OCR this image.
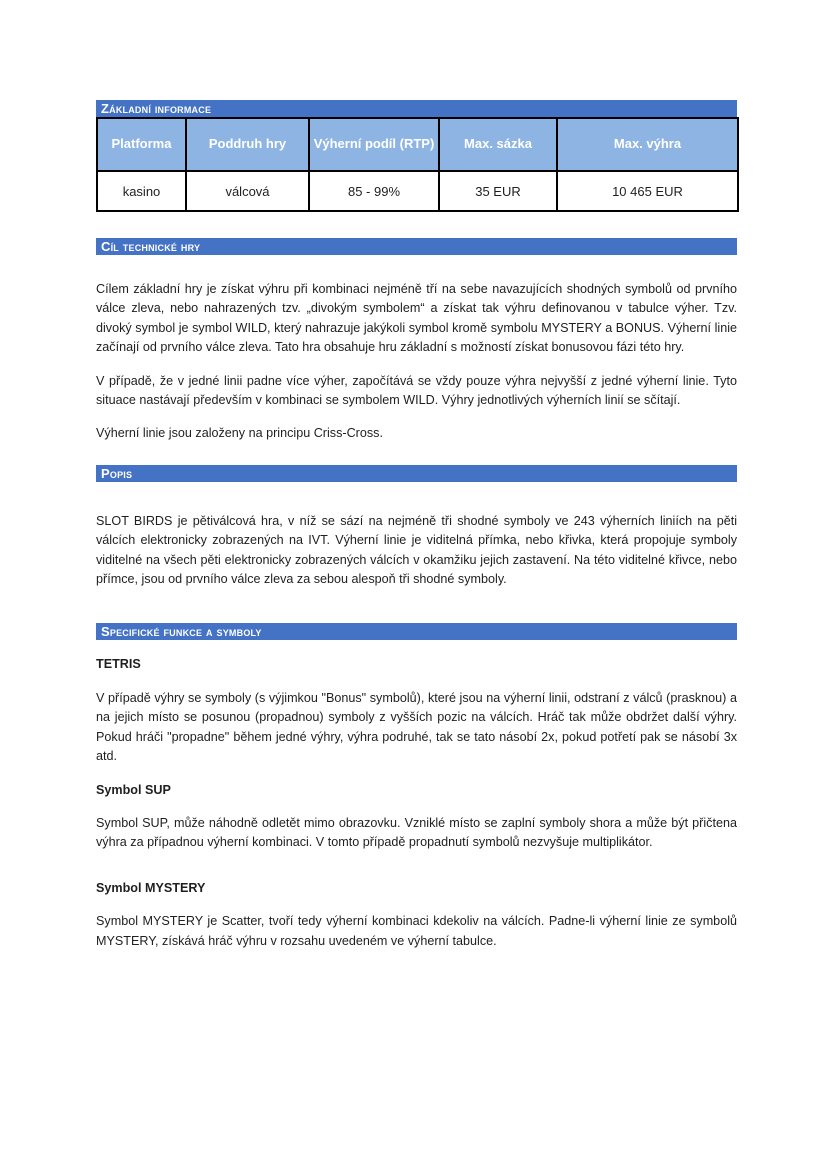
Základní informace
Platforma	Poddruh hry	Výherní podíl (RTP)	Max. sázka	Max. výhra
kasino	válcová	85 - 99%	35 EUR	10 465 EUR
Cíl technické hry

Cílem základní hry je získat výhru při kombinaci nejméně tří na sebe navazujících shodných symbolů od prvního válce zleva, nebo nahrazených tzv. „divokým symbolem“ a získat tak výhru definovanou v tabulce výher. Tzv. divoký symbol je symbol WILD, který nahrazuje jakýkoli symbol kromě symbolu MYSTERY a BONUS. Výherní linie začínají od prvního válce zleva. Tato hra obsahuje hru základní s možností získat bonusovou fázi této hry.

V případě, že v jedné linii padne více výher, započítává se vždy pouze výhra nejvyšší z jedné výherní linie. Tyto situace nastávají především v kombinaci se symbolem WILD. Výhry jednotlivých výherních linií se sčítají.

Výherní linie jsou založeny na principu Criss-Cross.

Popis

SLOT BIRDS je pětiválcová hra, v níž se sází na nejméně tři shodné symboly ve 243 výherních liniích na pěti válcích elektronicky zobrazených na IVT. Výherní linie je viditelná přímka, nebo křivka, která propojuje symboly viditelné na všech pěti elektronicky zobrazených válcích v okamžiku jejich zastavení. Na této viditelné křivce, nebo přímce, jsou od prvního válce zleva za sebou alespoň tři shodné symboly.

Specifické funkce a symboly

TETRIS

V případě výhry se symboly (s výjimkou "Bonus" symbolů), které jsou na výherní linii, odstraní z válců (prasknou) a na jejich místo se posunou (propadnou) symboly z vyšších pozic na válcích. Hráč tak může obdržet další výhry. Pokud hráči "propadne" během jedné výhry, výhra podruhé, tak se tato násobí 2x, pokud potřetí pak se násobí 3x atd.

Symbol SUP

Symbol SUP, může náhodně odletět mimo obrazovku. Vzniklé místo se zaplní symboly shora a může být přičtena výhra za případnou výherní kombinaci. V tomto případě propadnutí symbolů nezvyšuje multiplikátor.

Symbol MYSTERY

Symbol MYSTERY je Scatter, tvoří tedy výherní kombinaci kdekoliv na válcích. Padne-li výherní linie ze symbolů MYSTERY, získává hráč výhru v rozsahu uvedeném ve výherní tabulce.
